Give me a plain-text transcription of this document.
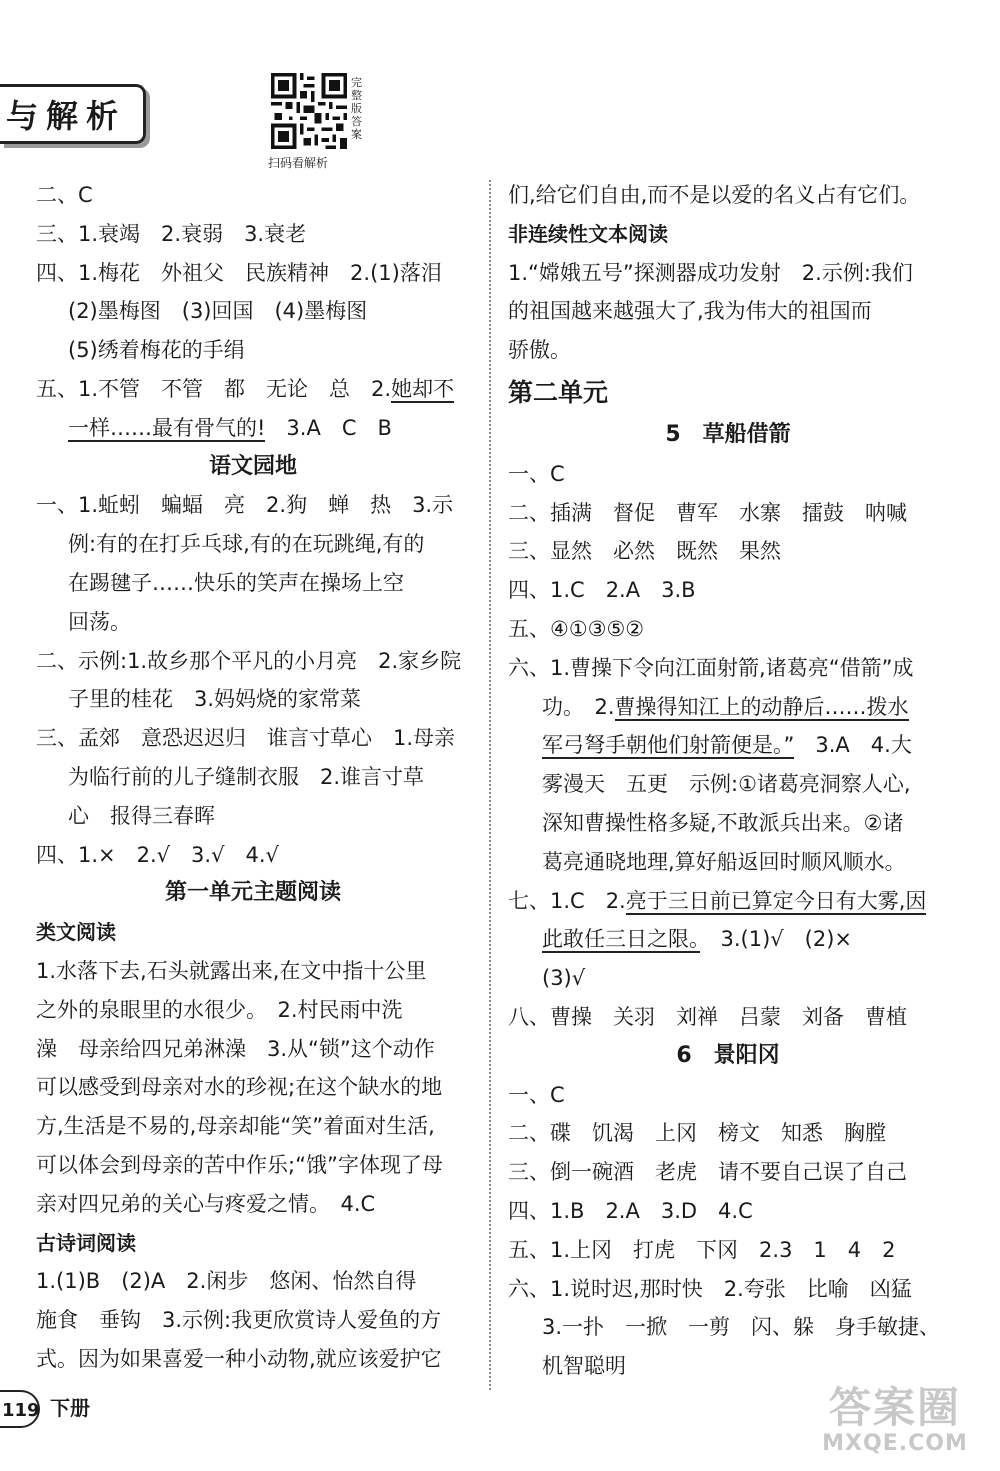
与解析
完整版答案
扫码看解析
二、C
三、1.衰竭　2.衰弱　3.衰老
四、1.梅花　外祖父　民族精神　2.(1)落泪
(2)墨梅图　(3)回国　(4)墨梅图
(5)绣着梅花的手绢
五、1.不管　不管　都　无论　总　2.她却不
一样……最有骨气的!　3.A　C　B
语文园地
一、1.蚯蚓　蝙蝠　亮　2.狗　蝉　热　3.示
例:有的在打乒乓球,有的在玩跳绳,有的
在踢毽子……快乐的笑声在操场上空
回荡。
二、示例:1.故乡那个平凡的小月亮　2.家乡院
子里的桂花　3.妈妈烧的家常菜
三、孟郊　意恐迟迟归　谁言寸草心　1.母亲
为临行前的儿子缝制衣服　2.谁言寸草
心　报得三春晖
四、1.×　2.√　3.√　4.√
第一单元主题阅读
类文阅读
1.水落下去,石头就露出来,在文中指十公里
之外的泉眼里的水很少。　2.村民雨中洗
澡　母亲给四兄弟淋澡　3.从“锁”这个动作
可以感受到母亲对水的珍视;在这个缺水的地
方,生活是不易的,母亲却能“笑”着面对生活,
可以体会到母亲的苦中作乐;“饿”字体现了母
亲对四兄弟的关心与疼爱之情。　4.C
古诗词阅读
1.(1)B　(2)A　2.闲步　悠闲、怡然自得
施食　垂钩　3.示例:我更欣赏诗人爱鱼的方
式。因为如果喜爱一种小动物,就应该爱护它
们,给它们自由,而不是以爱的名义占有它们。
非连续性文本阅读
1.“嫦娥五号”探测器成功发射　2.示例:我们
的祖国越来越强大了,我为伟大的祖国而
骄傲。
第二单元
5　草船借箭
一、C
二、插满　督促　曹军　水寨　擂鼓　呐喊
三、显然　必然　既然　果然
四、1.C　2.A　3.B
五、④①③⑤②
六、1.曹操下令向江面射箭,诸葛亮“借箭”成
功。　2.曹操得知江上的动静后……拨水
军弓弩手朝他们射箭便是。”　3.A　4.大
雾漫天　五更　示例:①诸葛亮洞察人心,
深知曹操性格多疑,不敢派兵出来。②诸
葛亮通晓地理,算好船返回时顺风顺水。
七、1.C　2.亮于三日前已算定今日有大雾,因
此敢任三日之限。　3.(1)√　(2)×
(3)√
八、曹操　关羽　刘禅　吕蒙　刘备　曹植
6　景阳冈
一、C
二、碟　饥渴　上冈　榜文　知悉　胸膛
三、倒一碗酒　老虎　请不要自己误了自己
四、1.B　2.A　3.D　4.C
五、1.上冈　打虎　下冈　2.3　1　4　2
六、1.说时迟,那时快　2.夸张　比喻　凶猛
3.一扑　一掀　一剪　闪、躲　身手敏捷、
机智聪明
119 下册	答案圈
MXQE.COM
